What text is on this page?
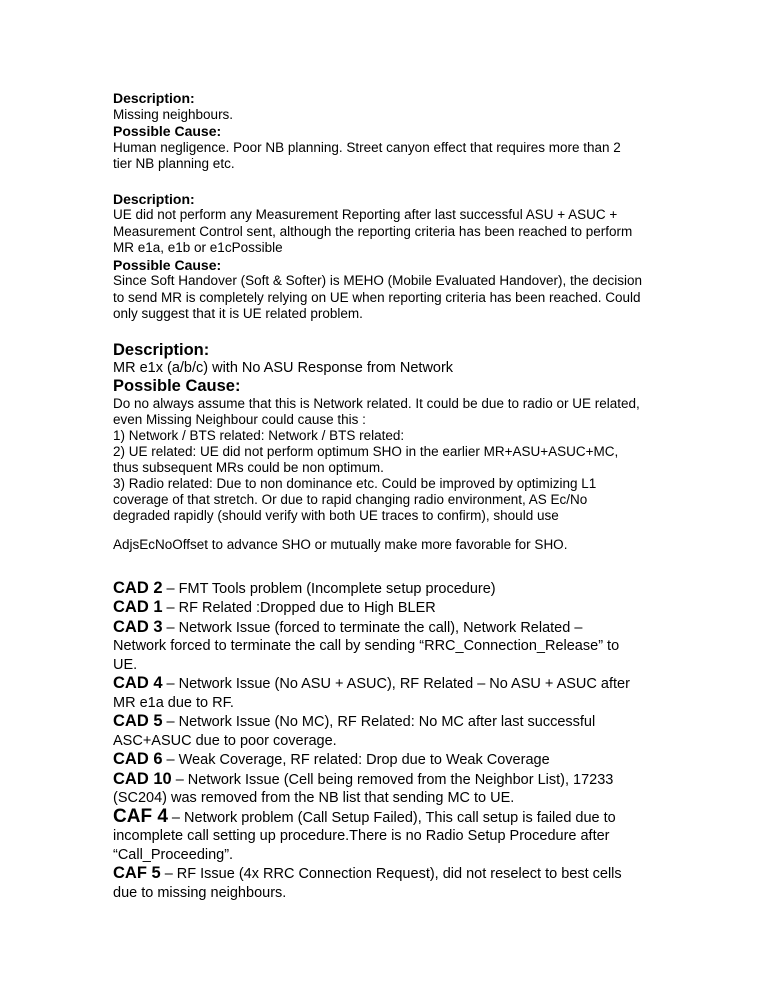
Description:
Missing neighbours.
Possible Cause:
Human negligence. Poor NB planning. Street canyon effect that requires more than 2
tier NB planning etc.
Description:
UE did not perform any Measurement Reporting after last successful ASU + ASUC +
Measurement Control sent, although the reporting criteria has been reached to perform
MR e1a, e1b or e1cPossible
Possible Cause:
Since Soft Handover (Soft & Softer) is MEHO (Mobile Evaluated Handover), the decision
to send MR is completely relying on UE when reporting criteria has been reached. Could
only suggest that it is UE related problem.
Description:
MR e1x (a/b/c) with No ASU Response from Network
Possible Cause:
Do no always assume that this is Network related. It could be due to radio or UE related,
even Missing Neighbour could cause this :
1) Network / BTS related: Network / BTS related:
2) UE related: UE did not perform optimum SHO in the earlier MR+ASU+ASUC+MC,
thus subsequent MRs could be non optimum.
3) Radio related: Due to non dominance etc. Could be improved by optimizing L1
coverage of that stretch. Or due to rapid changing radio environment, AS Ec/No
degraded rapidly (should verify with both UE traces to confirm), should use
AdjsEcNoOffset to advance SHO or mutually make more favorable for SHO.
CAD 2 – FMT Tools problem (Incomplete setup procedure)
CAD 1 – RF Related :Dropped due to High BLER
CAD 3 – Network Issue (forced to terminate the call), Network Related –
Network forced to terminate the call by sending “RRC_Connection_Release” to
UE.
CAD 4 – Network Issue (No ASU + ASUC), RF Related – No ASU + ASUC after
MR e1a due to RF.
CAD 5 – Network Issue (No MC), RF Related: No MC after last successful
ASC+ASUC due to poor coverage.
CAD 6 – Weak Coverage, RF related: Drop due to Weak Coverage
CAD 10 – Network Issue (Cell being removed from the Neighbor List), 17233
(SC204) was removed from the NB list that sending MC to UE.
CAF 4 – Network problem (Call Setup Failed), This call setup is failed due to
incomplete call setting up procedure.There is no Radio Setup Procedure after
“Call_Proceeding”.
CAF 5 – RF Issue (4x RRC Connection Request), did not reselect to best cells
due to missing neighbours.
